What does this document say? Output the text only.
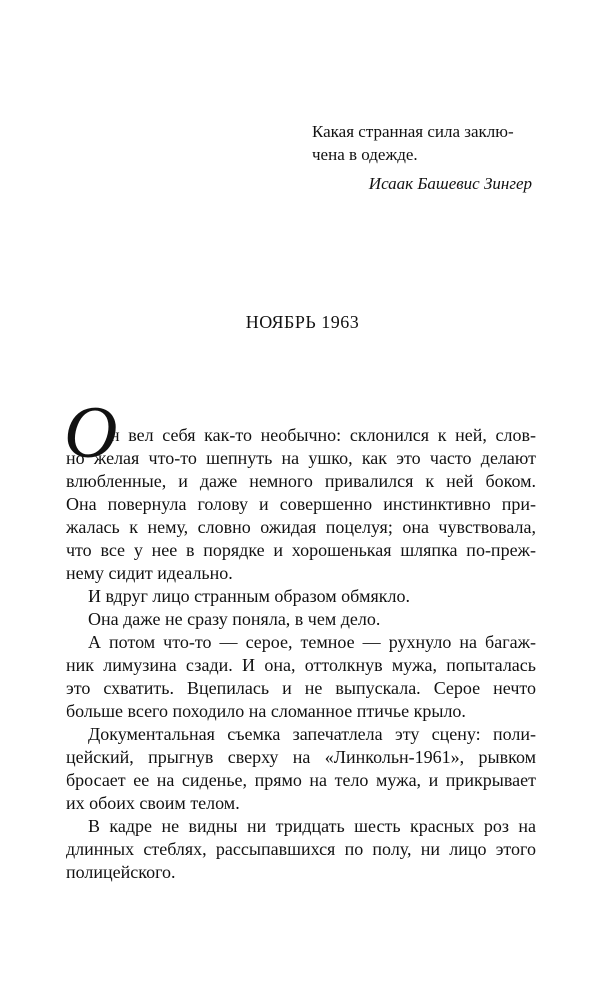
Какая странная сила заклю-
чена в одежде.
Исаак Башевис Зингер
НОЯБРЬ 1963
О
н вел себя как-то необычно: склонился к ней, слов-
но желая что-то шепнуть на ушко, как это часто делают
влюбленные, и даже немного привалился к ней боком.
Она повернула голову и совершенно инстинктивно при-
жалась к нему, словно ожидая поцелуя; она чувствовала,
что все у нее в порядке и хорошенькая шляпка по-преж-
нему сидит идеально.
И вдруг лицо странным образом обмякло.
Она даже не сразу поняла, в чем дело.
А потом что-то — серое, темное — рухнуло на багаж-
ник лимузина сзади. И она, оттолкнув мужа, попыталась
это схватить. Вцепилась и не выпускала. Серое нечто
больше всего походило на сломанное птичье крыло.
Документальная съемка запечатлела эту сцену: поли-
цейский, прыгнув сверху на «Линкольн-1961», рывком
бросает ее на сиденье, прямо на тело мужа, и прикрывает
их обоих своим телом.
В кадре не видны ни тридцать шесть красных роз на
длинных стеблях, рассыпавшихся по полу, ни лицо этого
полицейского.
